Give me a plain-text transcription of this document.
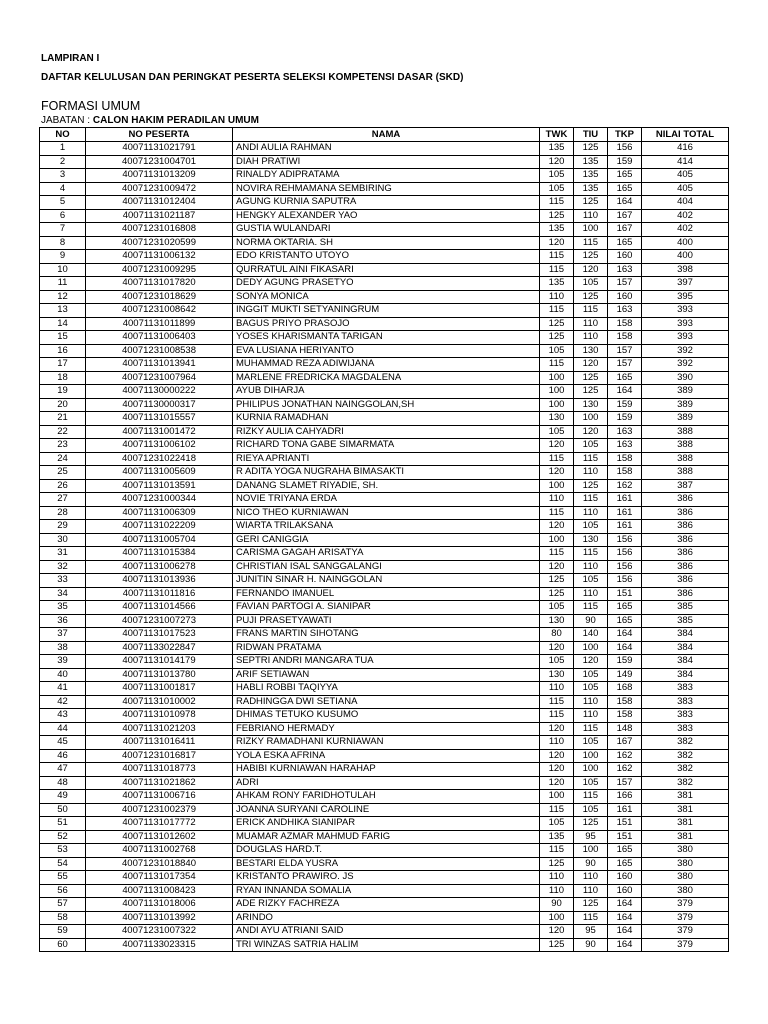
LAMPIRAN I
DAFTAR KELULUSAN DAN PERINGKAT PESERTA SELEKSI KOMPETENSI DASAR (SKD)
FORMASI UMUM
JABATAN : CALON HAKIM PERADILAN UMUM
NO	NO PESERTA	NAMA	TWK	TIU	TKP	NILAI TOTAL
1	40071131021791	ANDI AULIA RAHMAN	135	125	156	416
2	40071231004701	DIAH PRATIWI	120	135	159	414
3	40071131013209	RINALDY ADIPRATAMA	105	135	165	405
4	40071231009472	NOVIRA REHMAMANA SEMBIRING	105	135	165	405
5	40071131012404	AGUNG KURNIA SAPUTRA	115	125	164	404
6	40071131021187	HENGKY ALEXANDER YAO	125	110	167	402
7	40071231016808	GUSTIA WULANDARI	135	100	167	402
8	40071231020599	NORMA OKTARIA. SH	120	115	165	400
9	40071131006132	EDO KRISTANTO UTOYO	115	125	160	400
10	40071231009295	QURRATUL AINI FIKASARI	115	120	163	398
11	40071131017820	DEDY AGUNG PRASETYO	135	105	157	397
12	40071231018629	SONYA MONICA	110	125	160	395
13	40071231008642	INGGIT MUKTI SETYANINGRUM	115	115	163	393
14	40071131011899	BAGUS PRIYO PRASOJO	125	110	158	393
15	40071131006403	YOSES KHARISMANTA TARIGAN	125	110	158	393
16	40071231008538	EVA LUSIANA HERIYANTO	105	130	157	392
17	40071131013941	MUHAMMAD REZA ADIWIJANA	115	120	157	392
18	40071231007964	MARLENE FREDRICKA MAGDALENA	100	125	165	390
19	40071130000222	AYUB DIHARJA	100	125	164	389
20	40071130000317	PHILIPUS JONATHAN NAINGGOLAN,SH	100	130	159	389
21	40071131015557	KURNIA RAMADHAN	130	100	159	389
22	40071131001472	RIZKY AULIA CAHYADRI	105	120	163	388
23	40071131006102	RICHARD TONA GABE SIMARMATA	120	105	163	388
24	40071231022418	RIEYA APRIANTI	115	115	158	388
25	40071131005609	R ADITA YOGA NUGRAHA BIMASAKTI	120	110	158	388
26	40071131013591	DANANG SLAMET RIYADIE, SH.	100	125	162	387
27	40071231000344	NOVIE TRIYANA ERDA	110	115	161	386
28	40071131006309	NICO THEO KURNIAWAN	115	110	161	386
29	40071131022209	WIARTA TRILAKSANA	120	105	161	386
30	40071131005704	GERI CANIGGIA	100	130	156	386
31	40071131015384	CARISMA GAGAH ARISATYA	115	115	156	386
32	40071131006278	CHRISTIAN ISAL SANGGALANGI	120	110	156	386
33	40071131013936	JUNITIN SINAR H. NAINGGOLAN	125	105	156	386
34	40071131011816	FERNANDO IMANUEL	125	110	151	386
35	40071131014566	FAVIAN PARTOGI A. SIANIPAR	105	115	165	385
36	40071231007273	PUJI PRASETYAWATI	130	90	165	385
37	40071131017523	FRANS MARTIN SIHOTANG	80	140	164	384
38	40071133022847	RIDWAN PRATAMA	120	100	164	384
39	40071131014179	SEPTRI ANDRI MANGARA TUA	105	120	159	384
40	40071131013780	ARIF SETIAWAN	130	105	149	384
41	40071131001817	HABLI ROBBI TAQIYYA	110	105	168	383
42	40071131010002	RADHINGGA DWI SETIANA	115	110	158	383
43	40071131010978	DHIMAS TETUKO KUSUMO	115	110	158	383
44	40071131021203	FEBRIANO HERMADY	120	115	148	383
45	40071131016411	RIZKY RAMADHANI KURNIAWAN	110	105	167	382
46	40071231016817	YOLA ESKA AFRINA	120	100	162	382
47	40071131018773	HABIBI KURNIAWAN HARAHAP	120	100	162	382
48	40071131021862	ADRI	120	105	157	382
49	40071131006716	AHKAM RONY FARIDHOTULAH	100	115	166	381
50	40071231002379	JOANNA SURYANI CAROLINE	115	105	161	381
51	40071131017772	ERICK ANDHIKA SIANIPAR	105	125	151	381
52	40071131012602	MUAMAR AZMAR MAHMUD FARIG	135	95	151	381
53	40071131002768	DOUGLAS HARD.T.	115	100	165	380
54	40071231018840	BESTARI ELDA YUSRA	125	90	165	380
55	40071131017354	KRISTANTO PRAWIRO. JS	110	110	160	380
56	40071131008423	RYAN INNANDA SOMALIA	110	110	160	380
57	40071131018006	ADE RIZKY FACHREZA	90	125	164	379
58	40071131013992	ARINDO	100	115	164	379
59	40071231007322	ANDI AYU ATRIANI SAID	120	95	164	379
60	40071133023315	TRI WINZAS SATRIA HALIM	125	90	164	379
